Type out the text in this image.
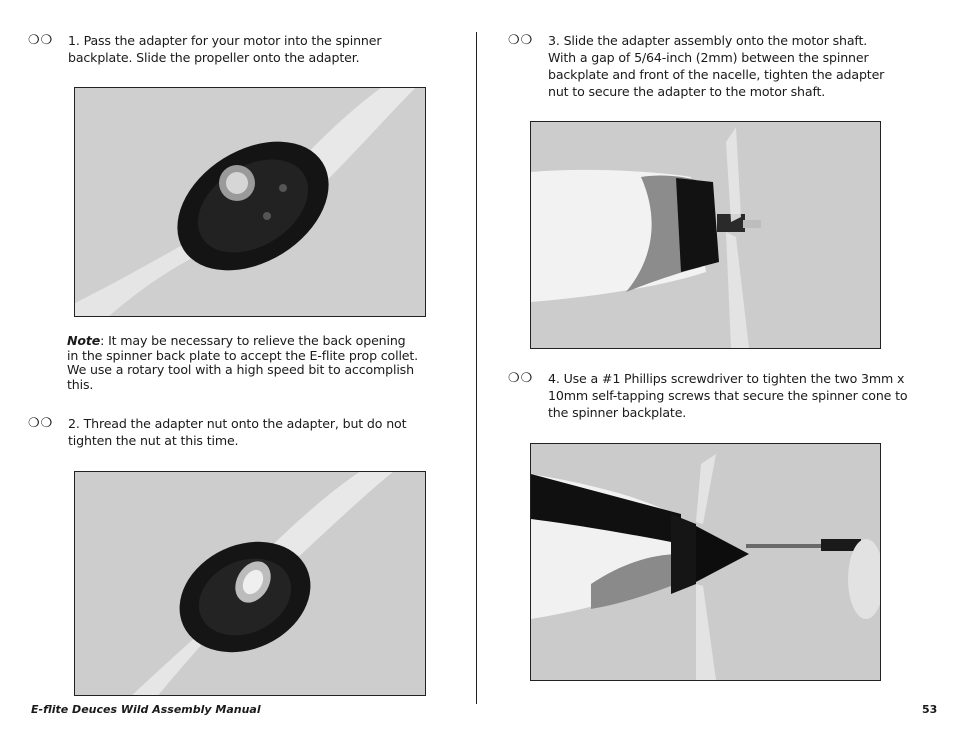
❍❍ 1. Pass the adapter for your motor into the spinner
backplate. Slide the propeller onto the adapter.
Note: It may be necessary to relieve the back opening
in the spinner back plate to accept the E-flite prop collet.
We use a rotary tool with a high speed bit to accomplish
this.
❍❍ 2. Thread the adapter nut onto the adapter, but do not
tighten the nut at this time.
❍❍ 3. Slide the adapter assembly onto the motor shaft.
With a gap of 5/64-inch (2mm) between the spinner
backplate and front of the nacelle, tighten the adapter
nut to secure the adapter to the motor shaft.
❍❍ 4. Use a #1 Phillips screwdriver to tighten the two 3mm x
10mm self-tapping screws that secure the spinner cone to
the spinner backplate.
E-flite Deuces Wild Assembly Manual	53
